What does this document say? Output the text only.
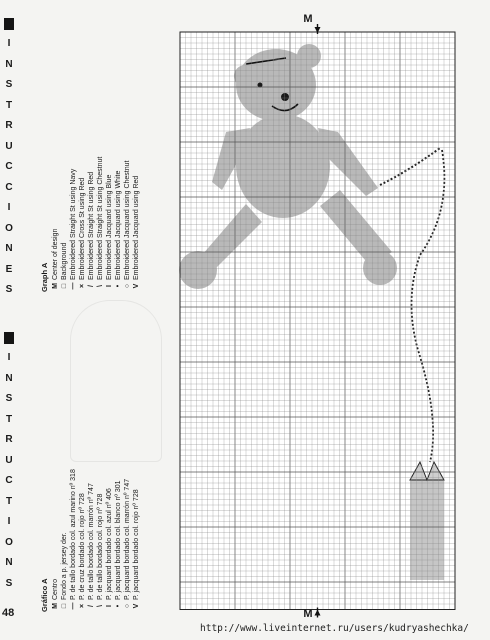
I
N
S
T
R
U
C
C
I
O
N
E
S
I
N
S
T
R
U
C
T
I
O
N
S
48
Graph A M
Center of design
□
Background
—
Embroidered Straight St using Navy
×
Embroidered Cross St using Red
/
Embroidered Straight St using Red
\
Embroidered Straight St using Chestnut
I
Embroidered Jacquard using Blue
•
Embroidered Jacquard using White
○
Embroidered Jacquard using Chestnut
V
Embroidered Jacquard using Red
Gráfico A M
Centro
□
Fondo a p. jersey der.
—
P. de tallo bordado col. azul marino nº 318
×
P. de cruz bordado col. rojo nº 728
/
P. de tallo bordado col. marrón nº 747
\
P. de tallo bordado col. rojo nº 728
I
P. jacquard bordado col. azul nº 406
•
P. jacquard bordado col. blanco nº 301
○
P. jacquard bordado col. marrón nº 747
V
P. jacquard bordado col. rojo nº 728
M
M
http://www.liveinternet.ru/users/kudryashechka/
